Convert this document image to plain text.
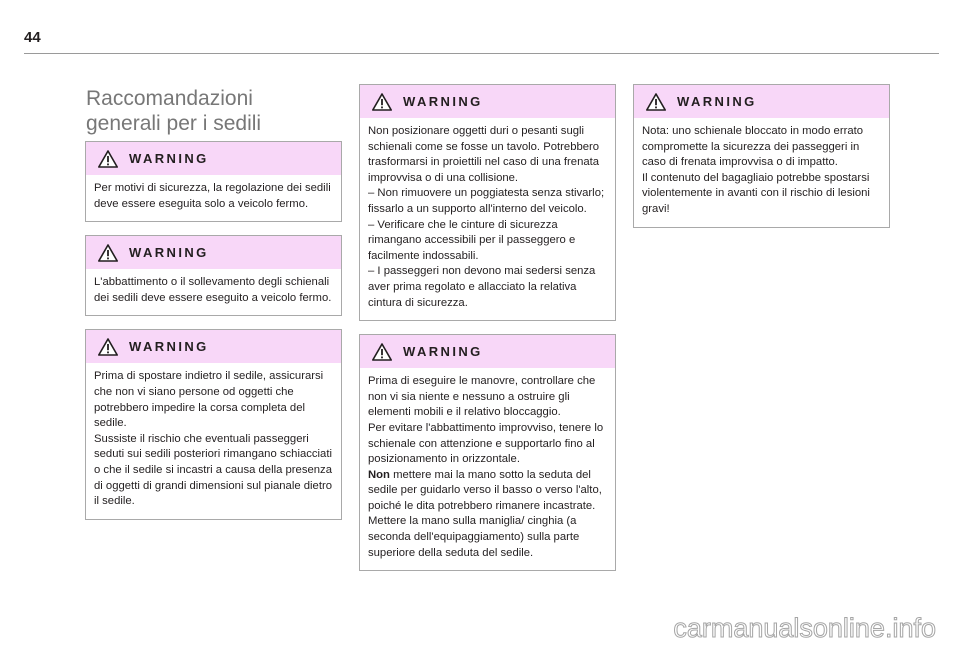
44
Raccomandazioni
generali per i sedili
WARNING

Per motivi di sicurezza, la regolazione dei sedili deve essere eseguita solo a veicolo fermo.

WARNING

L'abbattimento o il sollevamento degli schienali dei sedili deve essere eseguito a veicolo fermo.

WARNING

Prima di spostare indietro il sedile, assicurarsi che non vi siano persone od oggetti che potrebbero impedire la corsa completa del sedile.

Sussiste il rischio che eventuali passeggeri seduti sui sedili posteriori rimangano schiacciati o che il sedile si incastri a causa della presenza di oggetti di grandi dimensioni sul pianale dietro il sedile.

WARNING

Non posizionare oggetti duri o pesanti sugli schienali come se fosse un tavolo. Potrebbero trasformarsi in proiettili nel caso di una frenata improvvisa o di una collisione.

– Non rimuovere un poggiatesta senza stivarlo; fissarlo a un supporto all'interno del veicolo.

– Verificare che le cinture di sicurezza rimangano accessibili per il passeggero e facilmente indossabili.

– I passeggeri non devono mai sedersi senza aver prima regolato e allacciato la relativa cintura di sicurezza.

WARNING

Prima di eseguire le manovre, controllare che non vi sia niente e nessuno a ostruire gli elementi mobili e il relativo bloccaggio.

Per evitare l'abbattimento improvviso, tenere lo schienale con attenzione e supportarlo fino al posizionamento in orizzontale.

Non mettere mai la mano sotto la seduta del sedile per guidarlo verso il basso o verso l'alto, poiché le dita potrebbero rimanere incastrate. Mettere la mano sulla maniglia/ cinghia (a seconda dell'equipaggiamento) sulla parte superiore della seduta del sedile.

WARNING

Nota: uno schienale bloccato in modo errato compromette la sicurezza dei passeggeri in caso di frenata improvvisa o di impatto.

Il contenuto del bagagliaio potrebbe spostarsi violentemente in avanti con il rischio di lesioni gravi!

carmanualsonline.info
